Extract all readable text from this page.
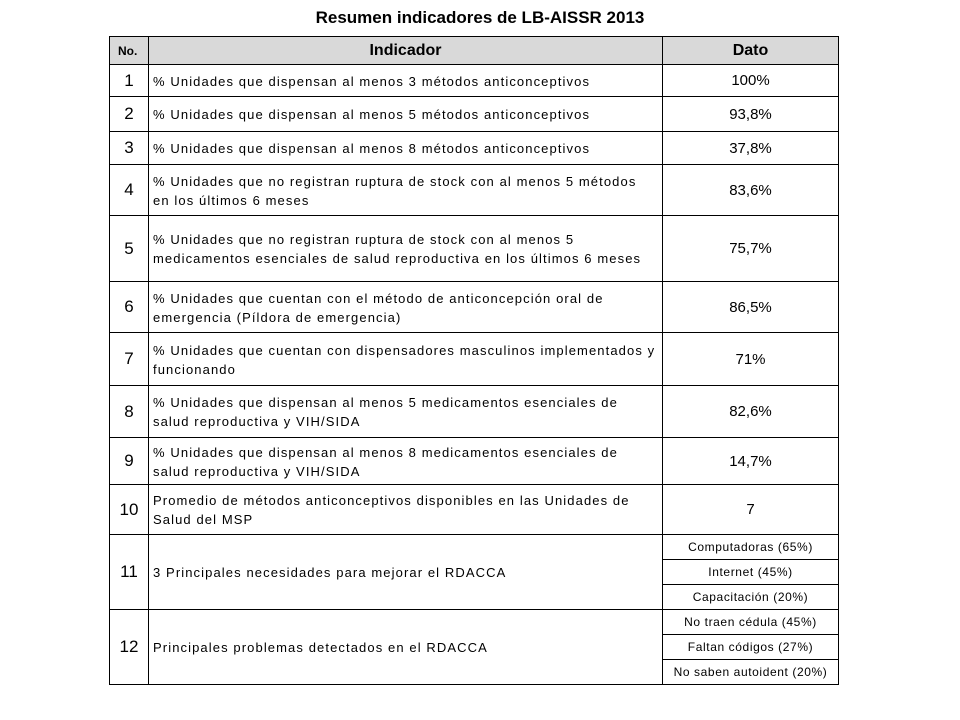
Resumen indicadores de LB-AISSR 2013
No.	Indicador	Dato
1	% Unidades que dispensan al menos 3 métodos anticonceptivos	100%
2	% Unidades que dispensan al menos 5 métodos anticonceptivos	93,8%
3	% Unidades que dispensan al menos 8 métodos anticonceptivos	37,8%
4	% Unidades que no registran ruptura de stock con al menos 5 métodos en los últimos 6 meses	83,6%
5	% Unidades que no registran ruptura de stock con al menos 5 medicamentos esenciales de salud reproductiva en los últimos 6 meses	75,7%
6	% Unidades que cuentan con el método de anticoncepción oral de emergencia (Píldora de emergencia)	86,5%
7	% Unidades que cuentan con dispensadores masculinos implementados y funcionando	71%
8	% Unidades que dispensan al menos 5 medicamentos esenciales de salud reproductiva y VIH/SIDA	82,6%
9	% Unidades que dispensan al menos 8 medicamentos esenciales de salud reproductiva y VIH/SIDA	14,7%
10	Promedio de métodos anticonceptivos disponibles en las Unidades de Salud del MSP	7
11	3 Principales necesidades para mejorar el RDACCA	Computadoras (65%)
		Internet (45%)
		Capacitación (20%)
12	Principales problemas detectados en el RDACCA	No traen cédula (45%)
		Faltan códigos (27%)
		No saben autoident (20%)
